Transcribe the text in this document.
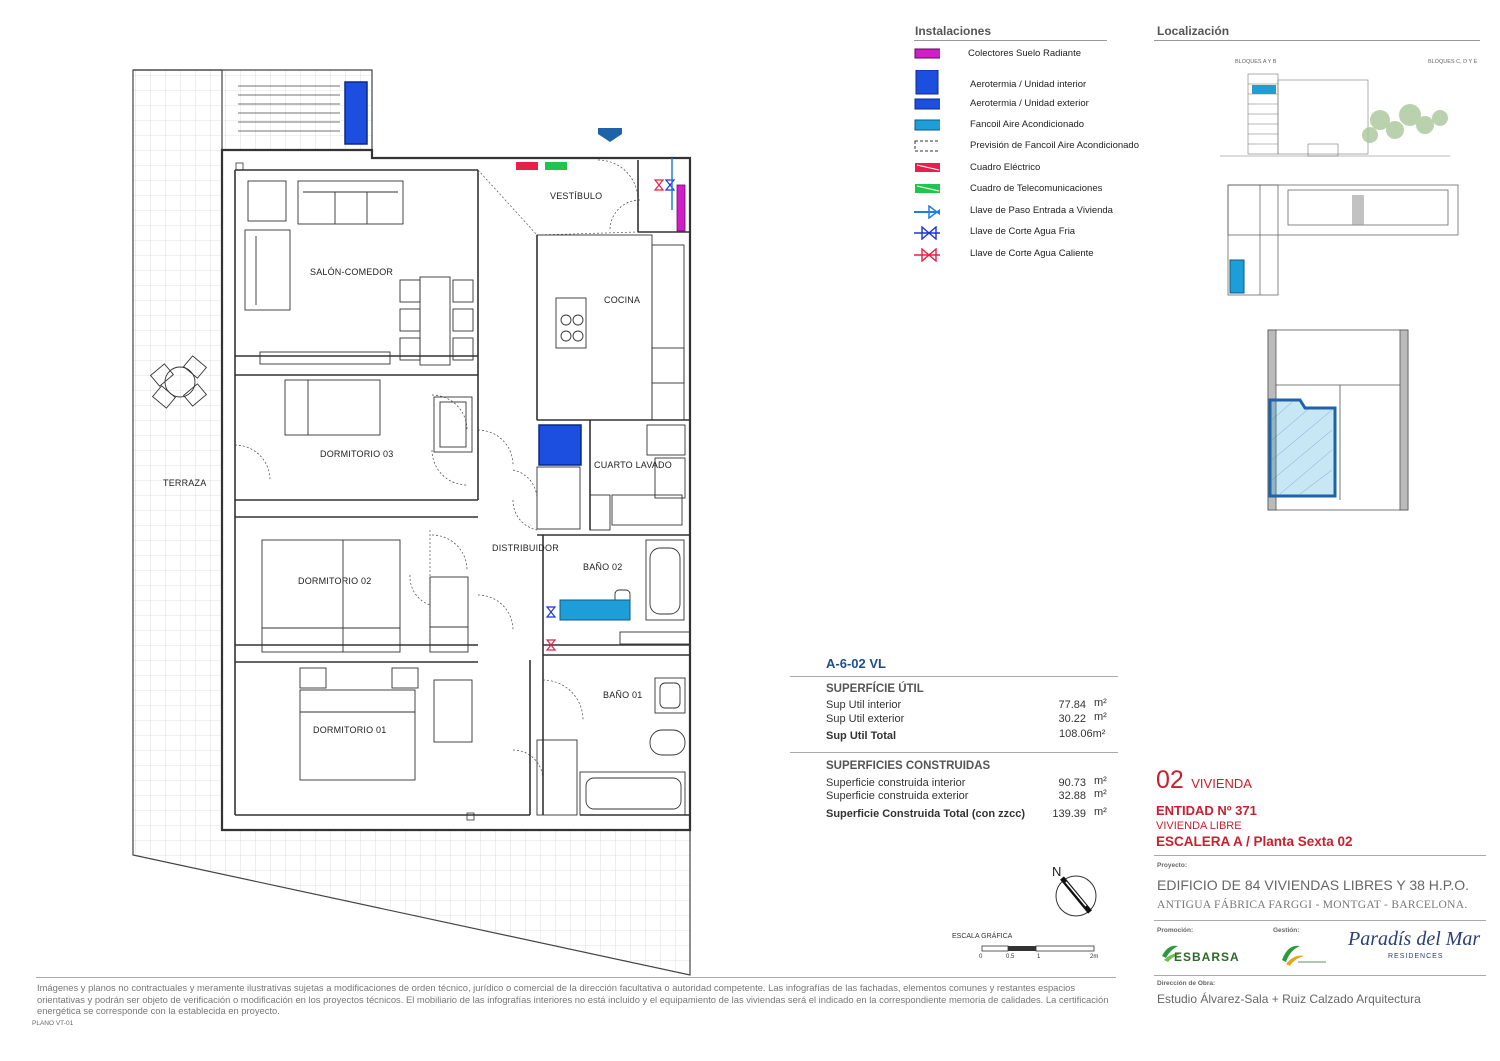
SALÓN-COMEDOR
VESTÍBULO
COCINA
DORMITORIO 03
CUARTO LAVADO
TERRAZA
DISTRIBUIDOR
BAÑO 02
DORMITORIO 02
BAÑO 01
DORMITORIO 01
Instalaciones
Colectores Suelo Radiante
Aerotermia / Unidad interior
Aerotermia / Unidad exterior
Fancoil Aire Acondicionado
Previsión de Fancoil Aire Acondicionado
Cuadro Eléctrico
Cuadro de Telecomunicaciones
Llave de Paso Entrada a Vivienda
Llave de Corte Agua Fria
Llave de Corte Agua Caliente
Localización
BLOQUES A Y B	BLOQUES C, D Y E
A-6-02 VL
SUPERFÍCIE ÚTIL
Sup Util interior	77.84 m²
Sup Util exterior	30.22 m²
Sup Util Total	108.06m²
SUPERFICIES CONSTRUIDAS
Superficie construida interior	90.73 m²
Superficie construida exterior	32.88 m²
Superficie Construida Total (con zzcc)	139.39 m²
02 VIVIENDA
ENTIDAD Nº 371
VIVIENDA LIBRE
ESCALERA A / Planta Sexta 02
Proyecto:
EDIFICIO DE 84 VIVIENDAS LIBRES Y 38 H.P.O.
ANTIGUA FÁBRICA FARGGI - MONTGAT - BARCELONA.
Promoción:	Gestión:
ESBARSA
Paradís del Mar
RESIDENCES
Dirección de Obra:
Estudio Álvarez-Sala + Ruiz Calzado Arquitectura
N
ESCALA GRÁFICA
0	0.5	1	2m
Imágenes y planos no contractuales y meramente ilustrativas sujetas a modificaciones de orden técnico, jurídico o comercial de la dirección facultativa o autoridad competente. Las infografías de las fachadas, elementos comunes y restantes espacios orientativas y podrán ser objeto de verificación o modificación en los proyectos técnicos. El mobiliario de las infografías interiores no está incluido y el equipamiento de las viviendas será el indicado en la correspondiente memoria de calidades. La certificación energética se corresponde con la establecida en proyecto.
PLANO VT-01
